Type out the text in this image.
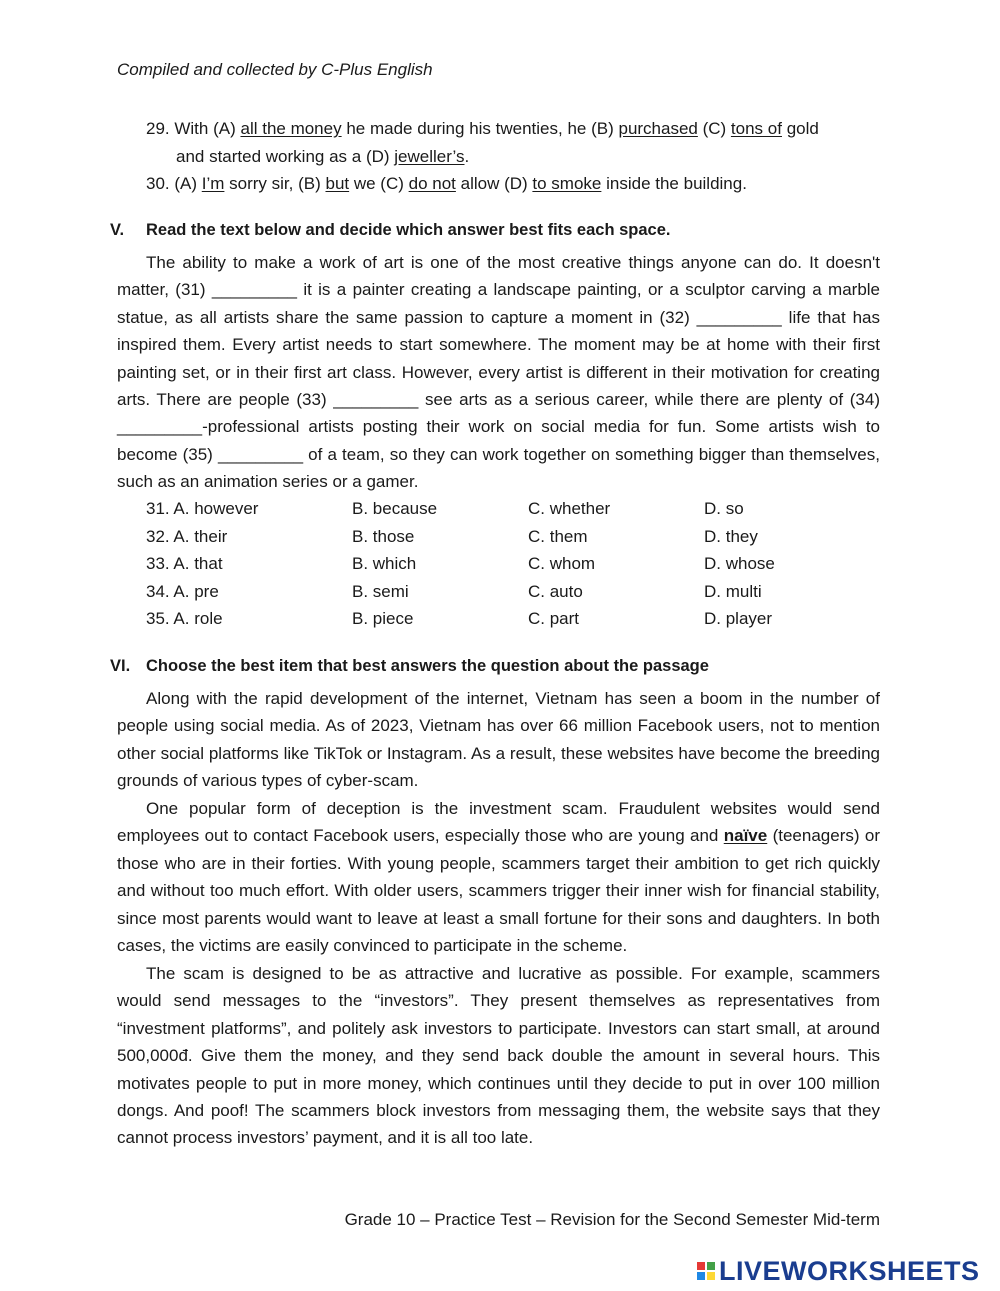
Compiled and collected by C-Plus English
29. With (A) all the money he made during his twenties, he (B) purchased (C) tons of gold
and started working as a (D) jeweller’s.
30. (A) I’m sorry sir, (B) but we (C) do not allow (D) to smoke inside the building.
V. Read the text below and decide which answer best fits each space.

The ability to make a work of art is one of the most creative things anyone can do. It doesn't matter, (31) _________ it is a painter creating a landscape painting, or a sculptor carving a marble statue, as all artists share the same passion to capture a moment in (32) _________ life that has inspired them. Every artist needs to start somewhere. The moment may be at home with their first painting set, or in their first art class. However, every artist is different in their motivation for creating arts. There are people (33) _________ see arts as a serious career, while there are plenty of (34) _________-professional artists posting their work on social media for fun. Some artists wish to become (35) _________ of a team, so they can work together on something bigger than themselves, such as an animation series or a gamer.

31. A. however	B. because	C. whether	D. so
32. A. their	B. those	C. them	D. they
33. A. that	B. which	C. whom	D. whose
34. A. pre	B. semi	C. auto	D. multi
35. A. role	B. piece	C. part	D. player
VI. Choose the best item that best answers the question about the passage

Along with the rapid development of the internet, Vietnam has seen a boom in the number of people using social media. As of 2023, Vietnam has over 66 million Facebook users, not to mention other social platforms like TikTok or Instagram. As a result, these websites have become the breeding grounds of various types of cyber-scam.

One popular form of deception is the investment scam. Fraudulent websites would send employees out to contact Facebook users, especially those who are young and naïve (teenagers) or those who are in their forties. With young people, scammers target their ambition to get rich quickly and without too much effort. With older users, scammers trigger their inner wish for financial stability, since most parents would want to leave at least a small fortune for their sons and daughters. In both cases, the victims are easily convinced to participate in the scheme.

The scam is designed to be as attractive and lucrative as possible. For example, scammers would send messages to the “investors”. They present themselves as representatives from “investment platforms”, and politely ask investors to participate. Investors can start small, at around 500,000đ. Give them the money, and they send back double the amount in several hours. This motivates people to put in more money, which continues until they decide to put in over 100 million dongs. And poof! The scammers block investors from messaging them, the website says that they cannot process investors’ payment, and it is all too late.

Grade 10 – Practice Test – Revision for the Second Semester Mid-term
LIVEWORKSHEETS
